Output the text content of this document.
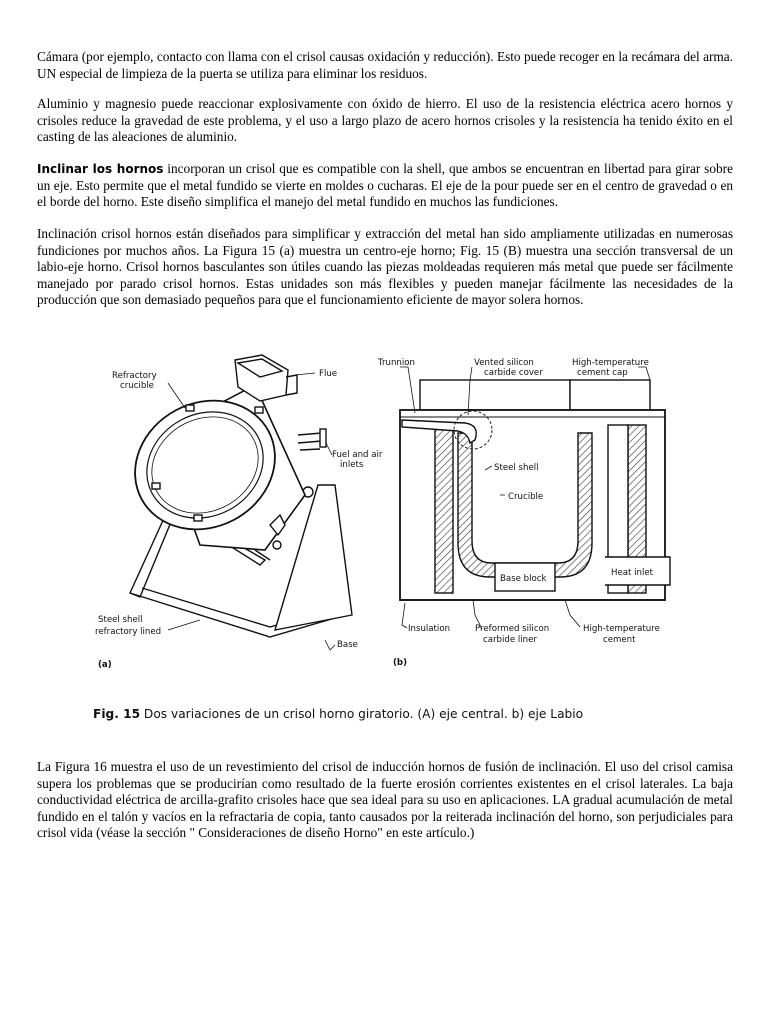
Cámara (por ejemplo, contacto con llama con el crisol causas oxidación y reducción). Esto puede recoger en la recámara del arma. UN especial de limpieza de la puerta se utiliza para eliminar los residuos.

Aluminio y magnesio puede reaccionar explosivamente con óxido de hierro. El uso de la resistencia eléctrica acero hornos y crisoles reduce la gravedad de este problema, y el uso a largo plazo de acero hornos crisoles y la resistencia ha tenido éxito en el casting de las aleaciones de aluminio.

Inclinar los hornos incorporan un crisol que es compatible con la shell, que ambos se encuentran en libertad para girar sobre un eje. Esto permite que el metal fundido se vierte en moldes o cucharas. El eje de la pour puede ser en el centro de gravedad o en el borde del horno. Este diseño simplifica el manejo del metal fundido en muchos las fundiciones.

Inclinación crisol hornos están diseñados para simplificar y extracción del metal han sido ampliamente utilizadas en numerosas fundiciones por muchos años. La Figura 15 (a) muestra un centro-eje horno; Fig. 15 (B) muestra una sección transversal de un labio-eje horno. Crisol hornos basculantes son útiles cuando las piezas moldeadas requieren más metal que puede ser fácilmente manejado por parado crisol hornos. Estas unidades son más flexibles y pueden manejar fácilmente las necesidades de la producción que son demasiado pequeños para que el funcionamiento eficiente de mayor solera hornos.

Refractory
crucible
Flue
Fuel and air
inlets
Steel shell
refractory lined
Base
(a)
Trunnion	Vented silicon
carbide cover
High-temperature
cement cap
Steel shell
Crucible
Base block
Heat inlet
Insulation	Preformed silicon
carbide liner
High-temperature
cement
(b)

Fig. 15 Dos variaciones de un crisol horno giratorio. (A) eje central. b) eje Labio

La Figura 16 muestra el uso de un revestimiento del crisol de inducción hornos de fusión de inclinación. El uso del crisol camisa supera los problemas que se producirían como resultado de la fuerte erosión corrientes existentes en el crisol laterales. La baja conductividad eléctrica de arcilla-grafito crisoles hace que sea ideal para su uso en aplicaciones. LA gradual acumulación de metal fundido en el talón y vacíos en la refractaria de copia, tanto causados por la reiterada inclinación del horno, son perjudiciales para crisol vida (véase la sección " Consideraciones de diseño Horno" en este artículo.)
